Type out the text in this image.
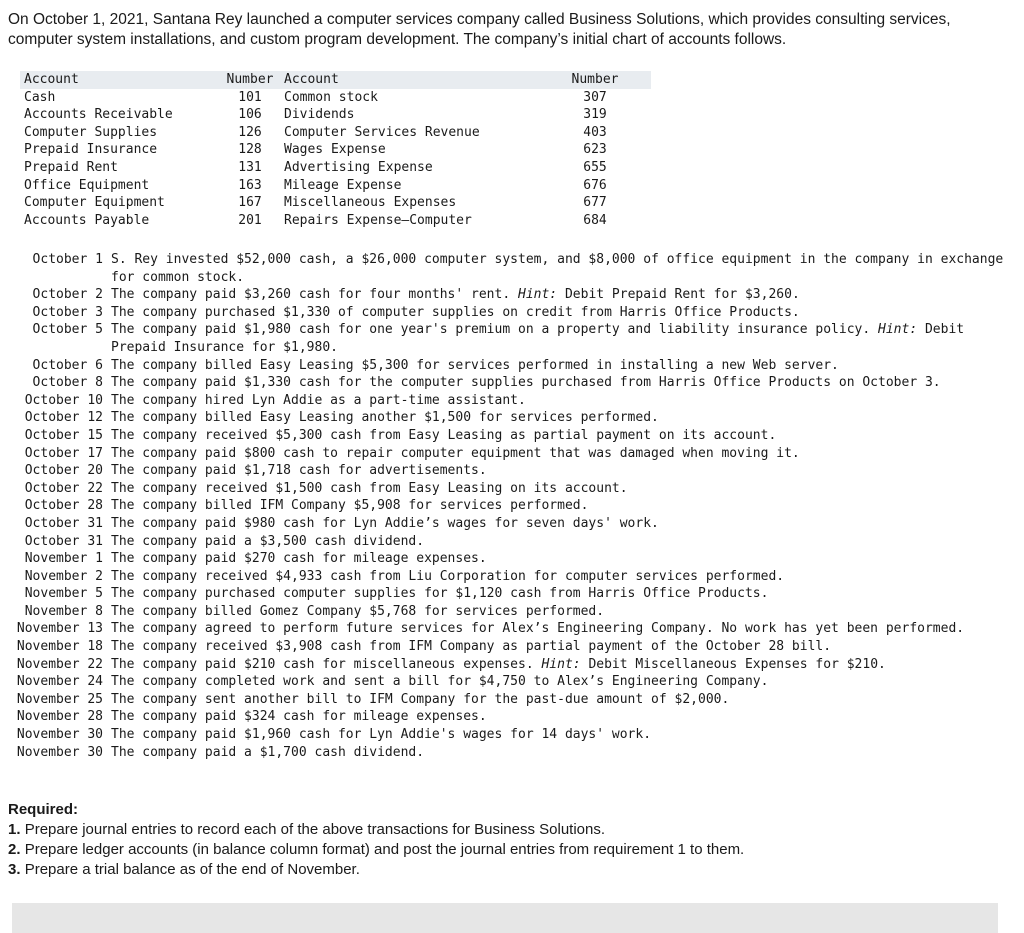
On October 1, 2021, Santana Rey launched a computer services company called Business Solutions, which provides consulting services, computer system installations, and custom program development. The company’s initial chart of accounts follows.

Account	Number	Account	Number
Cash	101	Common stock	307
Accounts Receivable	106	Dividends	319
Computer Supplies	126	Computer Services Revenue	403
Prepaid Insurance	128	Wages Expense	623
Prepaid Rent	131	Advertising Expense	655
Office Equipment	163	Mileage Expense	676
Computer Equipment	167	Miscellaneous Expenses	677
Accounts Payable	201	Repairs Expense—Computer	684
October 1 S. Rey invested $52,000 cash, a $26,000 computer system, and $8,000 of office equipment in the company in exchange for common stock.
October 2 The company paid $3,260 cash for four months' rent. Hint: Debit Prepaid Rent for $3,260.
October 3 The company purchased $1,330 of computer supplies on credit from Harris Office Products.
October 5 The company paid $1,980 cash for one year's premium on a property and liability insurance policy. Hint: Debit Prepaid Insurance for $1,980.
October 6 The company billed Easy Leasing $5,300 for services performed in installing a new Web server.
October 8 The company paid $1,330 cash for the computer supplies purchased from Harris Office Products on October 3.
October 10 The company hired Lyn Addie as a part-time assistant.
October 12 The company billed Easy Leasing another $1,500 for services performed.
October 15 The company received $5,300 cash from Easy Leasing as partial payment on its account.
October 17 The company paid $800 cash to repair computer equipment that was damaged when moving it.
October 20 The company paid $1,718 cash for advertisements.
October 22 The company received $1,500 cash from Easy Leasing on its account.
October 28 The company billed IFM Company $5,908 for services performed.
October 31 The company paid $980 cash for Lyn Addie’s wages for seven days' work.
October 31 The company paid a $3,500 cash dividend.
November 1 The company paid $270 cash for mileage expenses.
November 2 The company received $4,933 cash from Liu Corporation for computer services performed.
November 5 The company purchased computer supplies for $1,120 cash from Harris Office Products.
November 8 The company billed Gomez Company $5,768 for services performed.
November 13 The company agreed to perform future services for Alex’s Engineering Company. No work has yet been performed.
November 18 The company received $3,908 cash from IFM Company as partial payment of the October 28 bill.
November 22 The company paid $210 cash for miscellaneous expenses. Hint: Debit Miscellaneous Expenses for $210.
November 24 The company completed work and sent a bill for $4,750 to Alex’s Engineering Company.
November 25 The company sent another bill to IFM Company for the past-due amount of $2,000.
November 28 The company paid $324 cash for mileage expenses.
November 30 The company paid $1,960 cash for Lyn Addie's wages for 14 days' work.
November 30 The company paid a $1,700 cash dividend.
Required:
1. Prepare journal entries to record each of the above transactions for Business Solutions.
2. Prepare ledger accounts (in balance column format) and post the journal entries from requirement 1 to them.
3. Prepare a trial balance as of the end of November.
